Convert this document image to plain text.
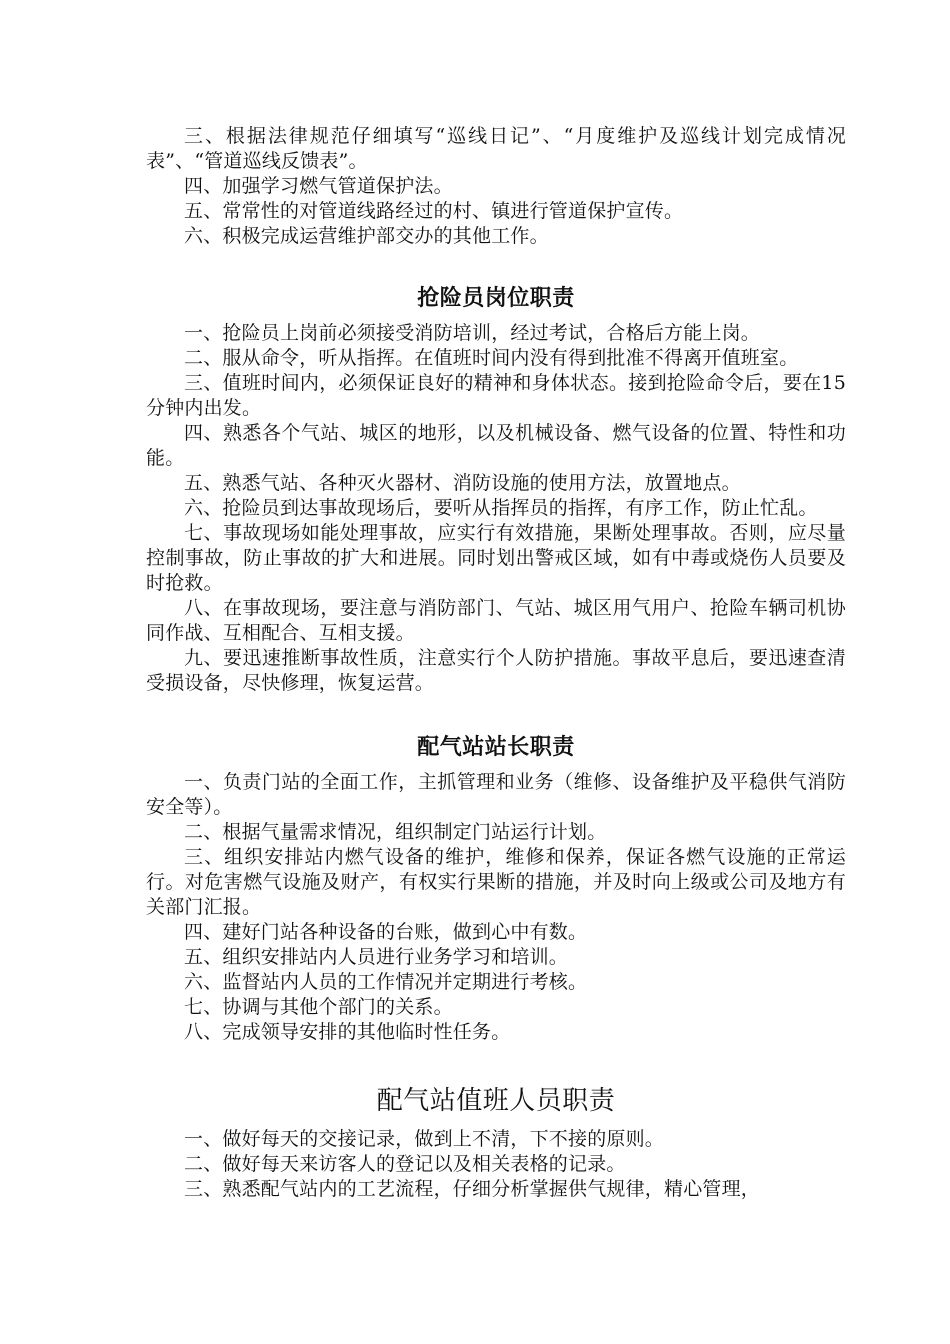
三、根据法律规范仔细填写“巡线日记”、“月度维护及巡线计划完成情况表”、“管道巡线反馈表”。

四、加强学习燃气管道保护法。

五、常常性的对管道线路经过的村、镇进行管道保护宣传。

六、积极完成运营维护部交办的其他工作。

抢险员岗位职责

一、抢险员上岗前必须接受消防培训，经过考试，合格后方能上岗。

二、服从命令，听从指挥。在值班时间内没有得到批准不得离开值班室。

三、值班时间内，必须保证良好的精神和身体状态。接到抢险命令后，要在15分钟内出发。

四、熟悉各个气站、城区的地形，以及机械设备、燃气设备的位置、特性和功能。

五、熟悉气站、各种灭火器材、消防设施的使用方法，放置地点。

六、抢险员到达事故现场后，要听从指挥员的指挥，有序工作，防止忙乱。

七、事故现场如能处理事故，应实行有效措施，果断处理事故。否则，应尽量控制事故，防止事故的扩大和进展。同时划出警戒区域，如有中毒或烧伤人员要及时抢救。

八、在事故现场，要注意与消防部门、气站、城区用气用户、抢险车辆司机协同作战、互相配合、互相支援。

九、要迅速推断事故性质，注意实行个人防护措施。事故平息后，要迅速查清受损设备，尽快修理，恢复运营。

配气站站长职责

一、负责门站的全面工作，主抓管理和业务（维修、设备维护及平稳供气消防安全等）。

二、根据气量需求情况，组织制定门站运行计划。

三、组织安排站内燃气设备的维护，维修和保养，保证各燃气设施的正常运行。对危害燃气设施及财产，有权实行果断的措施，并及时向上级或公司及地方有关部门汇报。

四、建好门站各种设备的台账，做到心中有数。

五、组织安排站内人员进行业务学习和培训。

六、监督站内人员的工作情况并定期进行考核。

七、协调与其他个部门的关系。

八、完成领导安排的其他临时性任务。

配气站值班人员职责

一、做好每天的交接记录，做到上不清，下不接的原则。

二、做好每天来访客人的登记以及相关表格的记录。

三、熟悉配气站内的工艺流程，仔细分析掌握供气规律，精心管理，
